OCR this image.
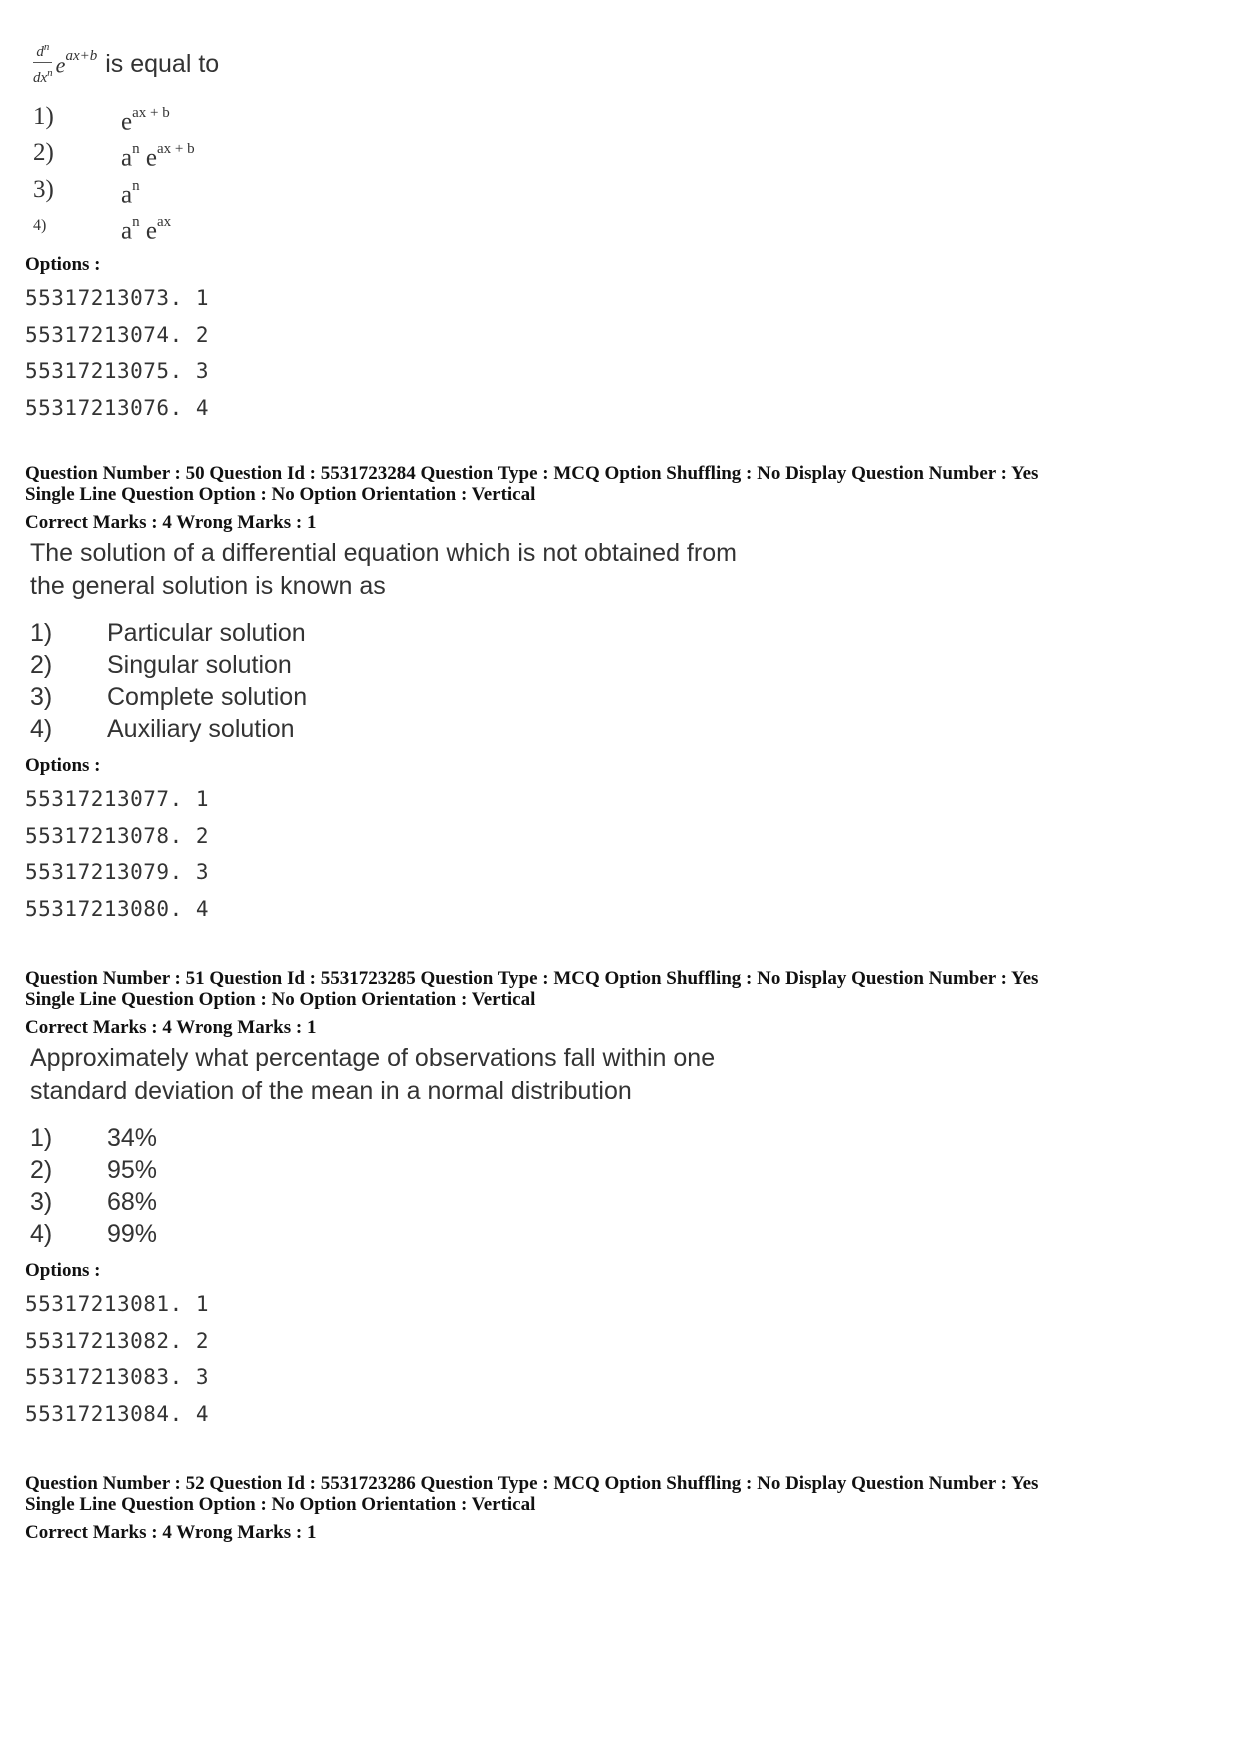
$\frac{d^n}{dx^n} e^{ax+b}$ is equal to
1)	$e^{ax + b}$
2)	$a^n$ $e^{ax + b}$
3)	$a^n$
4)	$a^n$ $e^{ax}$
Options :
55317213073. 1
55317213074. 2
55317213075. 3
55317213076. 4
Question Number : 50 Question Id : 5531723284 Question Type : MCQ Option Shuffling : No Display Question Number : Yes
Single Line Question Option : No Option Orientation : Vertical
Correct Marks : 4 Wrong Marks : 1
The solution of a differential equation which is not obtained from
the general solution is known as
1)	Particular solution
2)	Singular solution
3)	Complete solution
4)	Auxiliary solution
Options :
55317213077. 1
55317213078. 2
55317213079. 3
55317213080. 4
Question Number : 51 Question Id : 5531723285 Question Type : MCQ Option Shuffling : No Display Question Number : Yes
Single Line Question Option : No Option Orientation : Vertical
Correct Marks : 4 Wrong Marks : 1
Approximately what percentage of observations fall within one
standard deviation of the mean in a normal distribution
1)	34%
2)	95%
3)	68%
4)	99%
Options :
55317213081. 1
55317213082. 2
55317213083. 3
55317213084. 4
Question Number : 52 Question Id : 5531723286 Question Type : MCQ Option Shuffling : No Display Question Number : Yes
Single Line Question Option : No Option Orientation : Vertical
Correct Marks : 4 Wrong Marks : 1
